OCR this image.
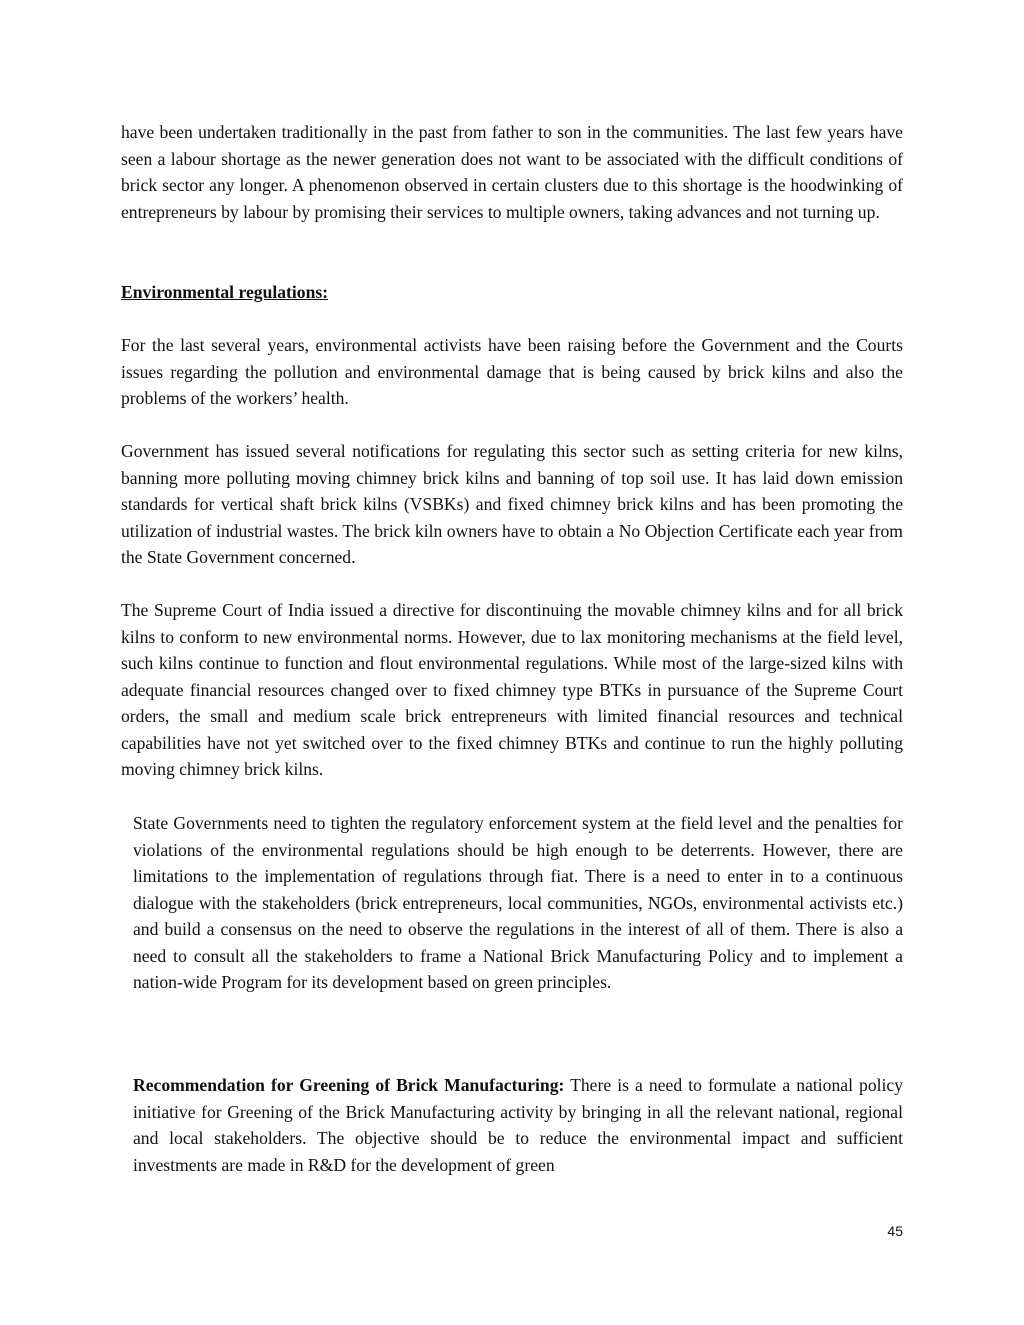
have been undertaken traditionally in the past from father to son in the communities. The last few years have seen a labour shortage as the newer generation does not want to be associated with the difficult conditions of brick sector any longer. A phenomenon observed in certain clusters due to this shortage is the hoodwinking of entrepreneurs by labour by promising their services to multiple owners, taking advances and not turning up.

Environmental regulations:

For the last several years, environmental activists have been raising before the Government and the Courts issues regarding the pollution and environmental damage that is being caused by brick kilns and also the problems of the workers’ health.

Government has issued several notifications for regulating this sector such as setting criteria for new kilns, banning more polluting moving chimney brick kilns and banning of top soil use. It has laid down emission standards for vertical shaft brick kilns (VSBKs) and fixed chimney brick kilns and has been promoting the utilization of industrial wastes. The brick kiln owners have to obtain a No Objection Certificate each year from the State Government concerned.

The Supreme Court of India issued a directive for discontinuing the movable chimney kilns and for all brick kilns to conform to new environmental norms. However, due to lax monitoring mechanisms at the field level, such kilns continue to function and flout environmental regulations. While most of the large-sized kilns with adequate financial resources changed over to fixed chimney type BTKs in pursuance of the Supreme Court orders, the small and medium scale brick entrepreneurs with limited financial resources and technical capabilities have not yet switched over to the fixed chimney BTKs and continue to run the highly polluting moving chimney brick kilns.

State Governments need to tighten the regulatory enforcement system at the field level and the penalties for violations of the environmental regulations should be high enough to be deterrents. However, there are limitations to the implementation of regulations through fiat. There is a need to enter in to a continuous dialogue with the stakeholders (brick entrepreneurs, local communities, NGOs, environmental activists etc.) and build a consensus on the need to observe the regulations in the interest of all of them. There is also a need to consult all the stakeholders to frame a National Brick Manufacturing Policy and to implement a nation-wide Program for its development based on green principles.

Recommendation for Greening of Brick Manufacturing: There is a need to formulate a national policy initiative for Greening of the Brick Manufacturing activity by bringing in all the relevant national, regional and local stakeholders. The objective should be to reduce the environmental impact and sufficient investments are made in R&D for the development of green

45
